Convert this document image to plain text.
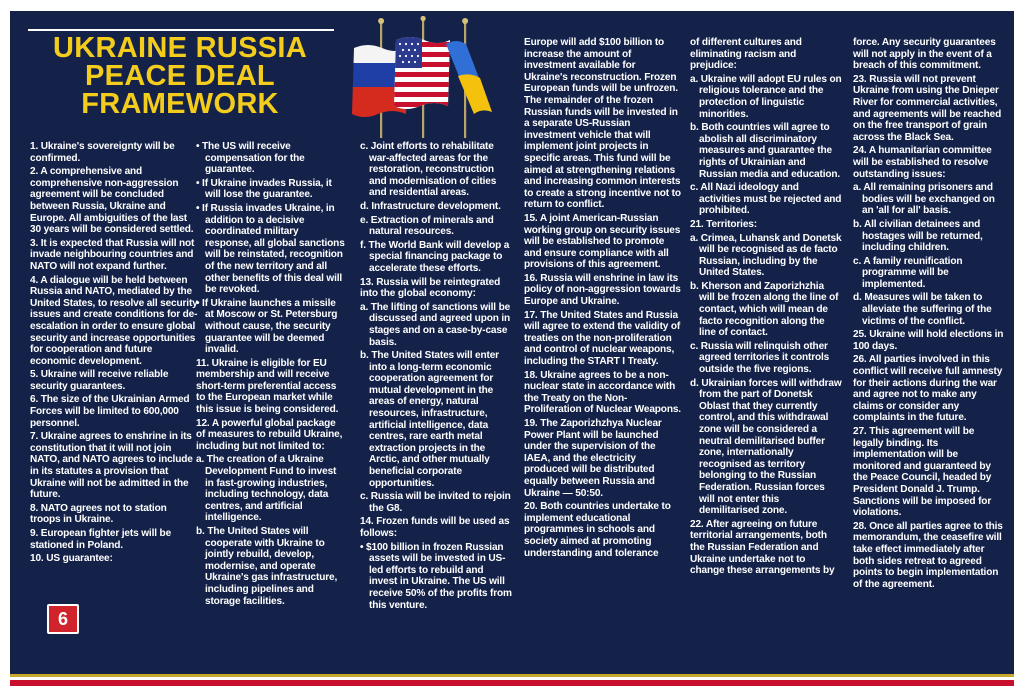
UKRAINE RUSSIA
PEACE DEAL
FRAMEWORK
1. Ukraine's sovereignty will be confirmed.
2. A comprehensive and comprehensive non-aggression agreement will be concluded between Russia, Ukraine and Europe. All ambiguities of the last 30 years will be considered settled.
3. It is expected that Russia will not invade neighbouring countries and NATO will not expand further.
4. A dialogue will be held between Russia and NATO, mediated by the United States, to resolve all security issues and create conditions for de-escalation in order to ensure global security and increase opportunities for cooperation and future economic development.
5. Ukraine will receive reliable security guarantees.
6. The size of the Ukrainian Armed Forces will be limited to 600,000 personnel.
7. Ukraine agrees to enshrine in its constitution that it will not join NATO, and NATO agrees to include in its statutes a provision that Ukraine will not be admitted in the future.
8. NATO agrees not to station troops in Ukraine.
9. European fighter jets will be stationed in Poland.
10. US guarantee:
• The US will receive compensation for the guarantee.
• If Ukraine invades Russia, it will lose the guarantee.
• If Russia invades Ukraine, in addition to a decisive coordinated military response, all global sanctions will be reinstated, recognition of the new territory and all other benefits of this deal will be revoked.
• If Ukraine launches a missile at Moscow or St. Petersburg without cause, the security guarantee will be deemed invalid.
11. Ukraine is eligible for EU membership and will receive short-term preferential access to the European market while this issue is being considered.
12. A powerful global package of measures to rebuild Ukraine, including but not limited to:
a. The creation of a Ukraine Development Fund to invest in fast-growing industries, including technology, data centres, and artificial intelligence.
b. The United States will cooperate with Ukraine to jointly rebuild, develop, modernise, and operate Ukraine's gas infrastructure, including pipelines and storage facilities.
c. Joint efforts to rehabilitate war-affected areas for the restoration, reconstruction and modernisation of cities and residential areas.
d. Infrastructure development.
e. Extraction of minerals and natural resources.
f. The World Bank will develop a special financing package to accelerate these efforts.
13. Russia will be reintegrated into the global economy:
a. The lifting of sanctions will be discussed and agreed upon in stages and on a case-by-case basis.
b. The United States will enter into a long-term economic cooperation agreement for mutual development in the areas of energy, natural resources, infrastructure, artificial intelligence, data centres, rare earth metal extraction projects in the Arctic, and other mutually beneficial corporate opportunities.
c. Russia will be invited to rejoin the G8.
14. Frozen funds will be used as follows:
• $100 billion in frozen Russian assets will be invested in US-led efforts to rebuild and invest in Ukraine. The US will receive 50% of the profits from this venture.
Europe will add $100 billion to increase the amount of investment available for Ukraine's reconstruction. Frozen European funds will be unfrozen. The remainder of the frozen Russian funds will be invested in a separate US-Russian investment vehicle that will implement joint projects in specific areas. This fund will be aimed at strengthening relations and increasing common interests to create a strong incentive not to return to conflict.
15. A joint American-Russian working group on security issues will be established to promote and ensure compliance with all provisions of this agreement.
16. Russia will enshrine in law its policy of non-aggression towards Europe and Ukraine.
17. The United States and Russia will agree to extend the validity of treaties on the non-proliferation and control of nuclear weapons, including the START I Treaty.
18. Ukraine agrees to be a non-nuclear state in accordance with the Treaty on the Non-Proliferation of Nuclear Weapons.
19. The Zaporizhzhya Nuclear Power Plant will be launched under the supervision of the IAEA, and the electricity produced will be distributed equally between Russia and Ukraine — 50:50.
20. Both countries undertake to implement educational programmes in schools and society aimed at promoting understanding and tolerance
of different cultures and eliminating racism and prejudice:
a. Ukraine will adopt EU rules on religious tolerance and the protection of linguistic minorities.
b. Both countries will agree to abolish all discriminatory measures and guarantee the rights of Ukrainian and Russian media and education.
c. All Nazi ideology and activities must be rejected and prohibited.
21. Territories:
a. Crimea, Luhansk and Donetsk will be recognised as de facto Russian, including by the United States.
b. Kherson and Zaporizhzhia will be frozen along the line of contact, which will mean de facto recognition along the line of contact.
c. Russia will relinquish other agreed territories it controls outside the five regions.
d. Ukrainian forces will withdraw from the part of Donetsk Oblast that they currently control, and this withdrawal zone will be considered a neutral demilitarised buffer zone, internationally recognised as territory belonging to the Russian Federation. Russian forces will not enter this demilitarised zone.
22. After agreeing on future territorial arrangements, both the Russian Federation and Ukraine undertake not to change these arrangements by
force. Any security guarantees will not apply in the event of a breach of this commitment.
23. Russia will not prevent Ukraine from using the Dnieper River for commercial activities, and agreements will be reached on the free transport of grain across the Black Sea.
24. A humanitarian committee will be established to resolve outstanding issues:
a. All remaining prisoners and bodies will be exchanged on an 'all for all' basis.
b. All civilian detainees and hostages will be returned, including children.
c. A family reunification programme will be implemented.
d. Measures will be taken to alleviate the suffering of the victims of the conflict.
25. Ukraine will hold elections in 100 days.
26. All parties involved in this conflict will receive full amnesty for their actions during the war and agree not to make any claims or consider any complaints in the future.
27. This agreement will be legally binding. Its implementation will be monitored and guaranteed by the Peace Council, headed by President Donald J. Trump. Sanctions will be imposed for violations.
28. Once all parties agree to this memorandum, the ceasefire will take effect immediately after both sides retreat to agreed points to begin implementation of the agreement.
6
